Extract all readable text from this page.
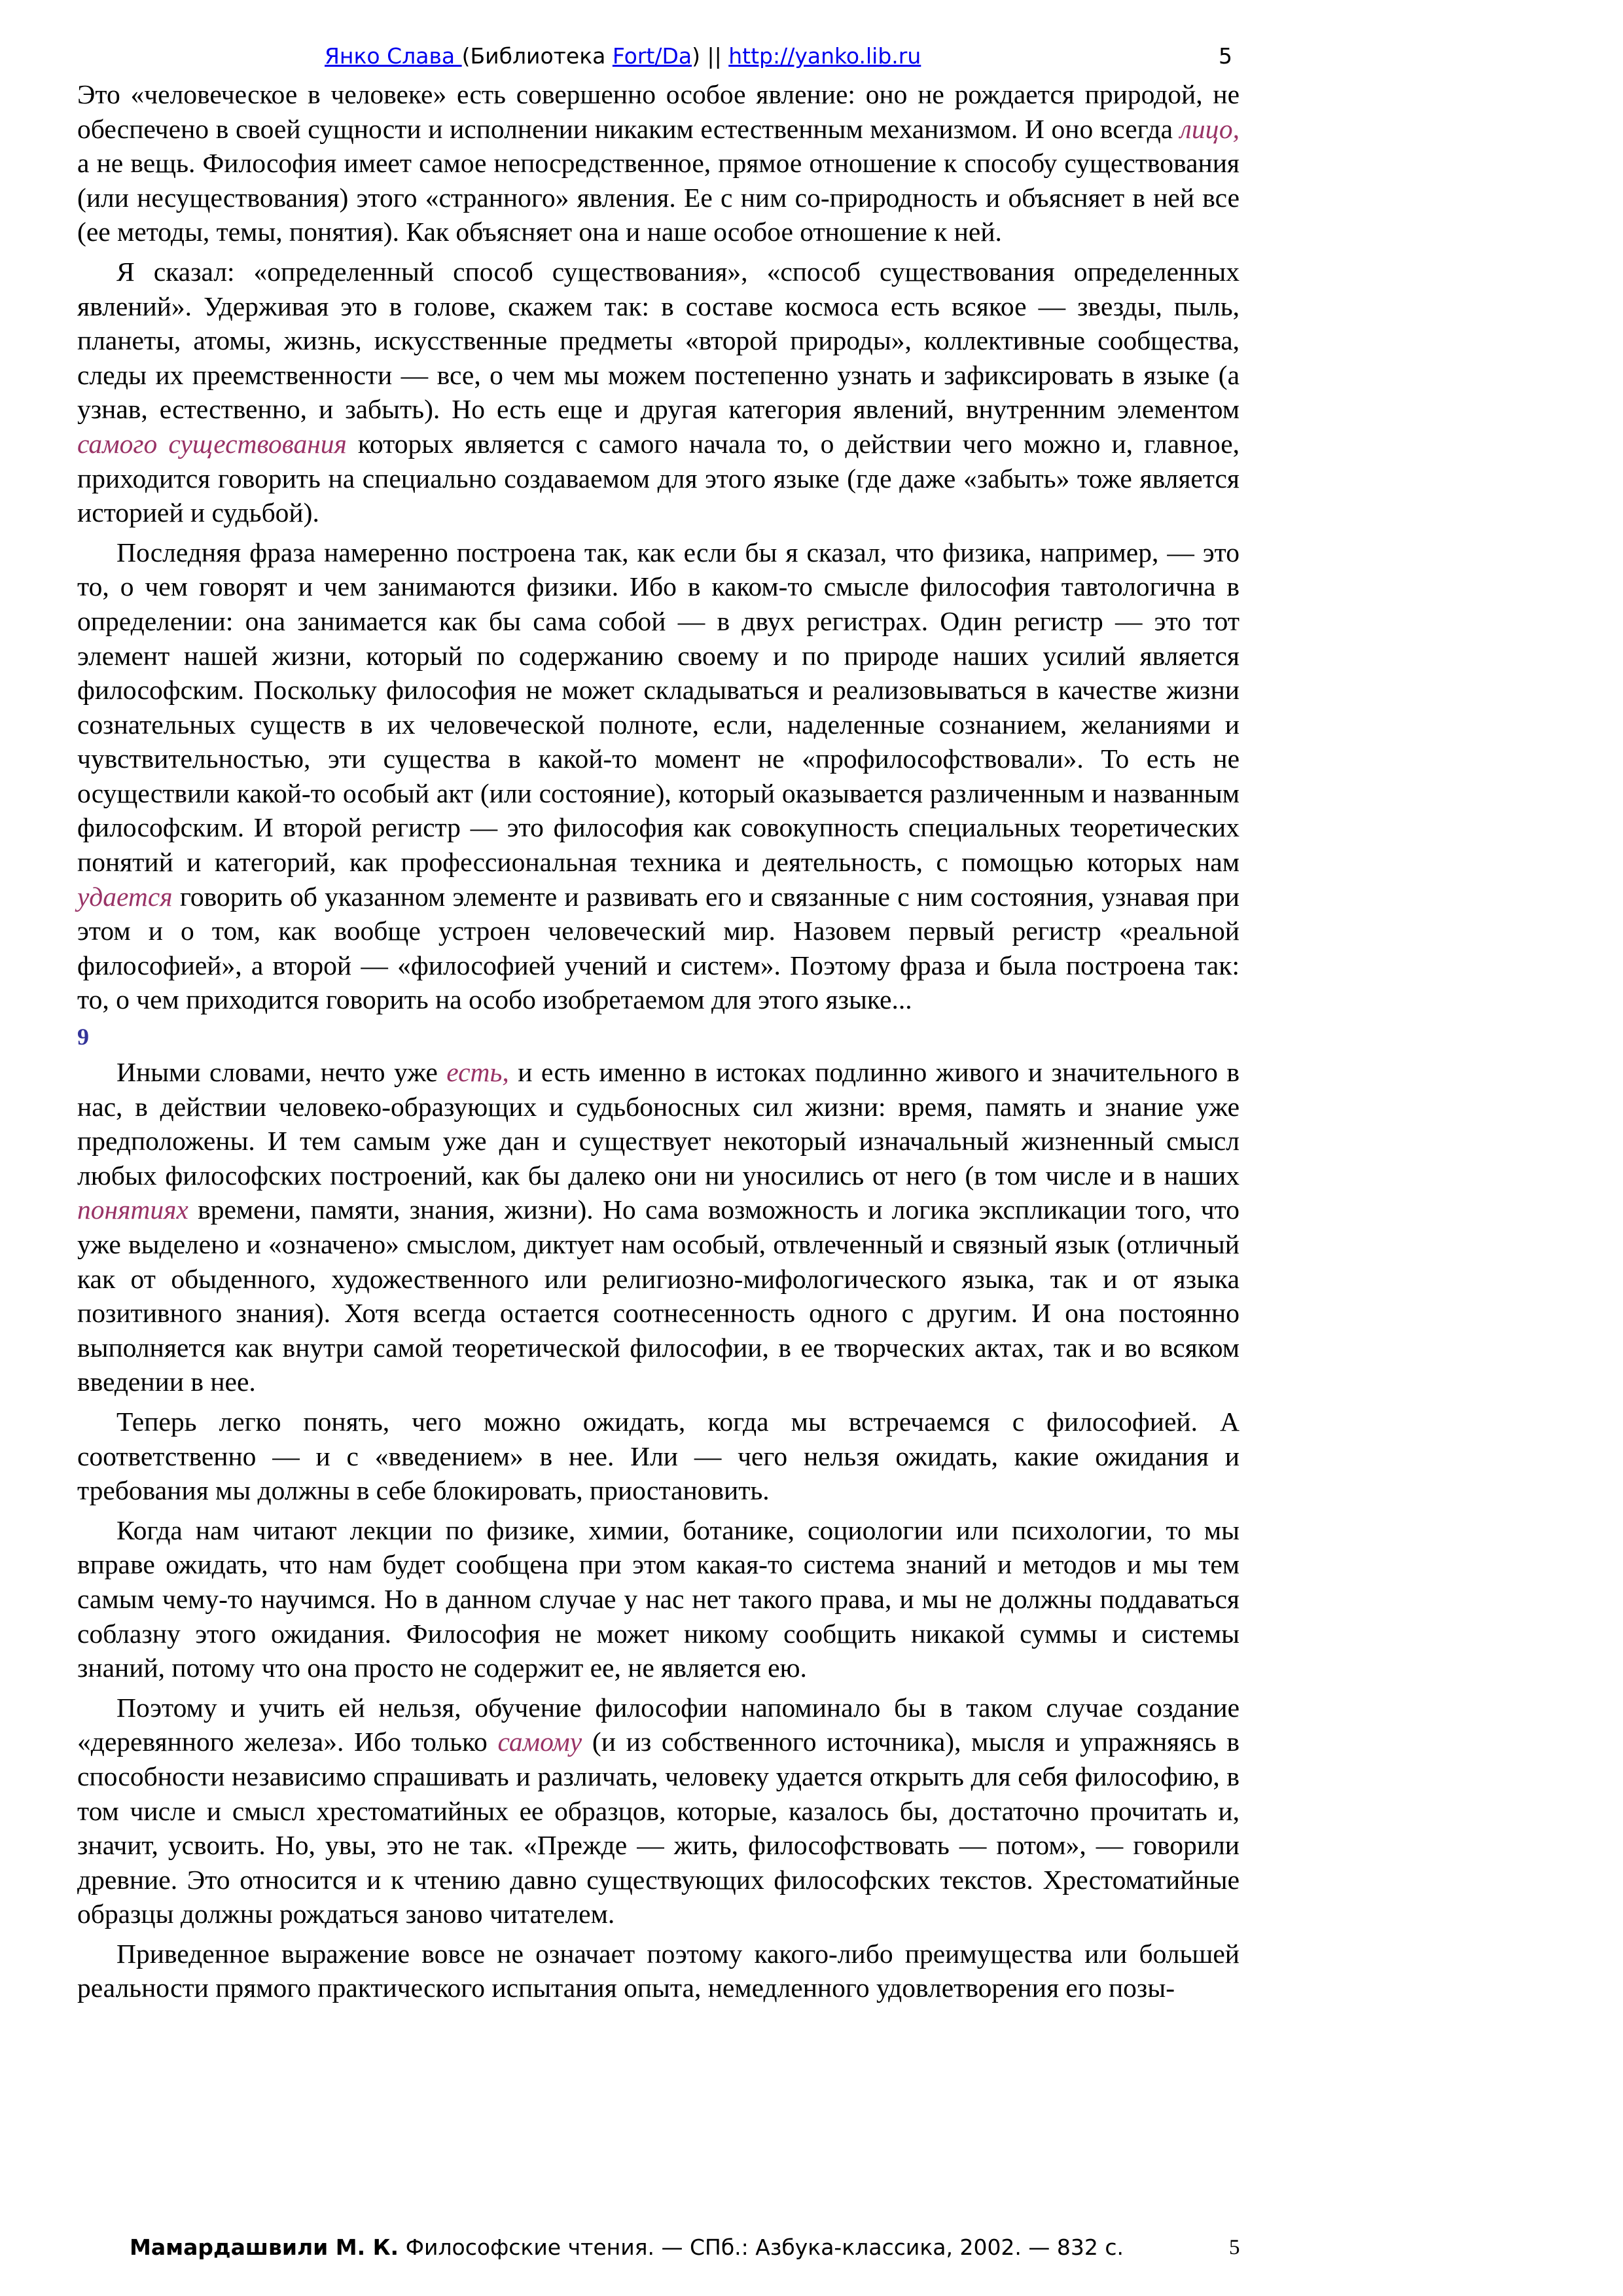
Янко Слава (Библиотека Fort/Da) || http://yanko.lib.ru	5

Это «человеческое в человеке» есть совершенно особое явление: оно не рождается природой, не обеспечено в своей сущности и исполнении никаким естественным механизмом. И оно всегда лицо, а не вещь. Философия имеет самое непосредственное, прямое отношение к способу существования (или несуществования) этого «странного» явления. Ее с ним со-природность и объясняет в ней все (ее методы, темы, понятия). Как объясняет она и наше особое отношение к ней.

Я сказал: «определенный способ существования», «способ существования определенных явлений». Удерживая это в голове, скажем так: в составе космоса есть всякое — звезды, пыль, планеты, атомы, жизнь, искусственные предметы «второй природы», коллективные сообщества, следы их преемственности — все, о чем мы можем постепенно узнать и зафиксировать в языке (а узнав, естественно, и забыть). Но есть еще и другая категория явлений, внутренним элементом самого существования которых является с самого начала то, о действии чего можно и, главное, приходится говорить на специально создаваемом для этого языке (где даже «забыть» тоже является историей и судьбой).

Последняя фраза намеренно построена так, как если бы я сказал, что физика, например, — это то, о чем говорят и чем занимаются физики. Ибо в каком-то смысле философия тавтологична в определении: она занимается как бы сама собой — в двух регистрах. Один регистр — это тот элемент нашей жизни, который по содержанию своему и по природе наших усилий является философским. Поскольку философия не может складываться и реализовываться в качестве жизни сознательных существ в их человеческой полноте, если, наделенные сознанием, желаниями и чувствительностью, эти существа в какой-то момент не «профилософствовали». То есть не осуществили какой-то особый акт (или состояние), который оказывается различенным и названным философским. И второй регистр — это философия как совокупность специальных теоретических понятий и категорий, как профессиональная техника и деятельность, с помощью которых нам удается говорить об указанном элементе и развивать его и связанные с ним состояния, узнавая при этом и о том, как вообще устроен человеческий мир. Назовем первый регистр «реальной философией», а второй — «философией учений и систем». Поэтому фраза и была построена так: то, о чем приходится говорить на особо изобретаемом для этого языке...

9

Иными словами, нечто уже есть, и есть именно в истоках подлинно живого и значительного в нас, в действии человеко-образующих и судьбоносных сил жизни: время, память и знание уже предположены. И тем самым уже дан и существует некоторый изначальный жизненный смысл любых философских построений, как бы далеко они ни уносились от него (в том числе и в наших понятиях времени, памяти, знания, жизни). Но сама возможность и логика экспликации того, что уже выделено и «означено» смыслом, диктует нам особый, отвлеченный и связный язык (отличный как от обыденного, художественного или религиозно-мифологического языка, так и от языка позитивного знания). Хотя всегда остается соотнесенность одного с другим. И она постоянно выполняется как внутри самой теоретической философии, в ее творческих актах, так и во всяком введении в нее.

Теперь легко понять, чего можно ожидать, когда мы встречаемся с философией. А соответственно — и с «введением» в нее. Или — чего нельзя ожидать, какие ожидания и требования мы должны в себе блокировать, приостановить.

Когда нам читают лекции по физике, химии, ботанике, социологии или психологии, то мы вправе ожидать, что нам будет сообщена при этом какая-то система знаний и методов и мы тем самым чему-то научимся. Но в данном случае у нас нет такого права, и мы не должны поддаваться соблазну этого ожидания. Философия не может никому сообщить никакой суммы и системы знаний, потому что она просто не содержит ее, не является ею.

Поэтому и учить ей нельзя, обучение философии напоминало бы в таком случае создание «деревянного железа». Ибо только самому (и из собственного источника), мысля и упражняясь в способности независимо спрашивать и различать, человеку удается открыть для себя философию, в том числе и смысл хрестоматийных ее образцов, которые, казалось бы, достаточно прочитать и, значит, усвоить. Но, увы, это не так. «Прежде — жить, философствовать — потом», — говорили древние. Это относится и к чтению давно существующих философских текстов. Хрестоматийные образцы должны рождаться заново читателем.

Приведенное выражение вовсе не означает поэтому какого-либо преимущества или большей реальности прямого практического испытания опыта, немедленного удовлетворения его позы-

Мамардашвили М. К. Философские чтения. — СПб.: Азбука-классика, 2002. — 832 с.	5
